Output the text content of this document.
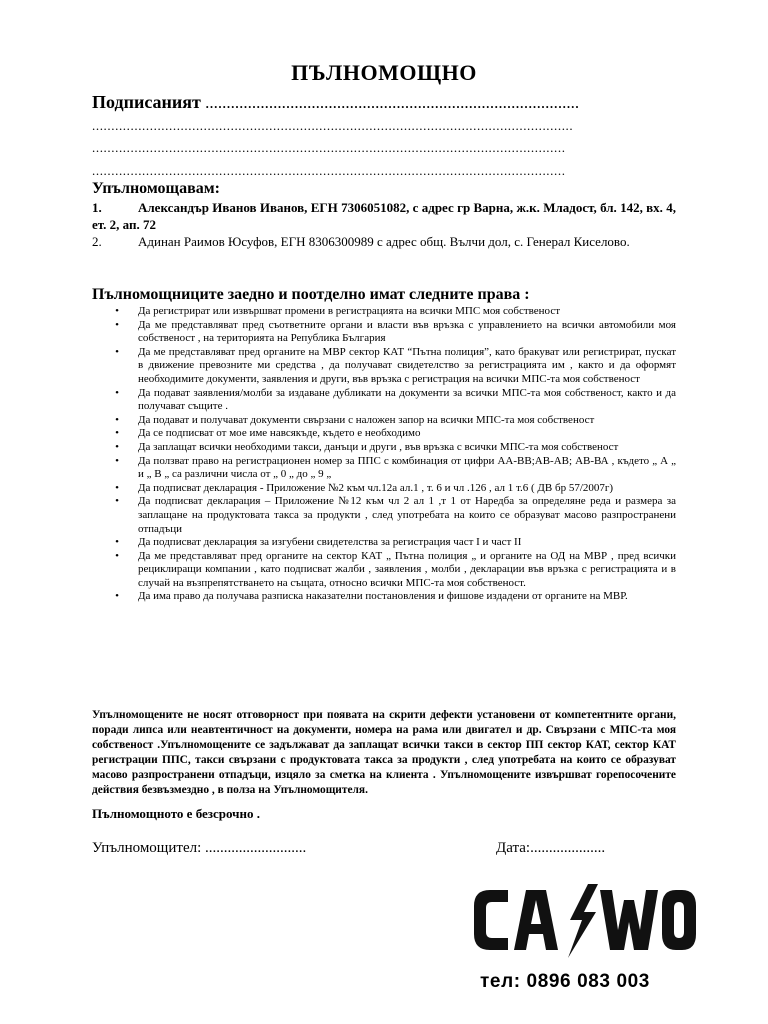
ПЪЛНОМОЩНО
Подписаният ........................................................................................
.............................................................................................................................
...........................................................................................................................
...........................................................................................................................
Упълномощавам:
1.	Александър Иванов Иванов, ЕГН 7306051082, с адрес гр Варна, ж.к. Младост, бл. 142, вх. 4, ет. 2, ап. 72
2.	Адинан Раимов Юсуфов, ЕГН 8306300989 с адрес общ. Вълчи дол, с. Генерал Киселово.
Пълномощниците заедно и поотделно имат следните права :
•	Да регистрират или извършват промени в регистрацията на всички МПС моя собственост
•	Да ме представляват пред съответните органи и власти във връзка с управлението на всички автомобили моя собственост , на територията на Република България
•	Да ме представляват пред органите на МВР сектор КАТ “Пътна полиция”, като бракуват или регистрират, пускат в движение превозните ми средства , да получават свидетелство за регистрацията им , както и да оформят необходимите документи, заявления и други, във връзка с регистрация на всички МПС-та моя собственост
•	Да подават заявления/молби за издаване дубликати на документи за всички МПС-та моя собственост, както и да получават същите .
•	Да подават и получават документи свързани с наложен запор на всички МПС-та моя собственост
•	Да се подписват от мое име навсякъде, където е необходимо
•	Да заплащат всички необходими такси, данъци и други , във връзка с всички МПС-та моя собственост
•	Да ползват право на регистрационен номер за ППС с комбинация от цифри АА-ВВ;АВ-АВ; АВ-ВА , където „ А „ и „ В „ са различни числа от „ 0 „ до „ 9 „
•	Да подписват декларация - Приложение №2 към чл.12а ал.1 , т. 6 и чл .126 , ал 1 т.6 ( ДВ бр 57/2007г)
•	Да подписват декларация – Приложение №12 към чл 2 ал 1 ,т 1 от Наредба за определяне реда и размера за заплащане на продуктовата такса за продукти , след употребата на които се образуват масово разпространени отпадъци
•	Да подписват декларация за изгубени свидетелства за регистрация част I и част II
•	Да ме представляват пред органите на сектор КАТ „ Пътна полиция „ и органите на ОД на МВР , пред всички рециклиращи компании , като подписват жалби , заявления , молби , декларации във връзка с регистрацията и в случай на възпрепятстването на същата, относно всички МПС-та моя собственост.
•	Да има право да получава разписка наказателни постановления и фишове издадени от органите на МВР.
Упълномощените не носят отговорност при появата на скрити дефекти установени от компетентните органи, поради липса или неавтентичност на документи, номера на рама или двигател и др. Свързани с МПС-та моя собственост .Упълномощените се задължават да заплащат всички такси в сектор ПП сектор КАТ, сектор КАТ регистрации ППС, такси свързани с продуктовата такса за продукти , след употребата на които се образуват масово разпространени отпадъци, изцяло за сметка на клиента . Упълномощените извършват горепосочените действия безвъзмездно , в полза на Упълномощителя.
Пълномощното е безсрочно .
Упълномощител: ...........................	Дата:....................
тел: 0896 083 003
